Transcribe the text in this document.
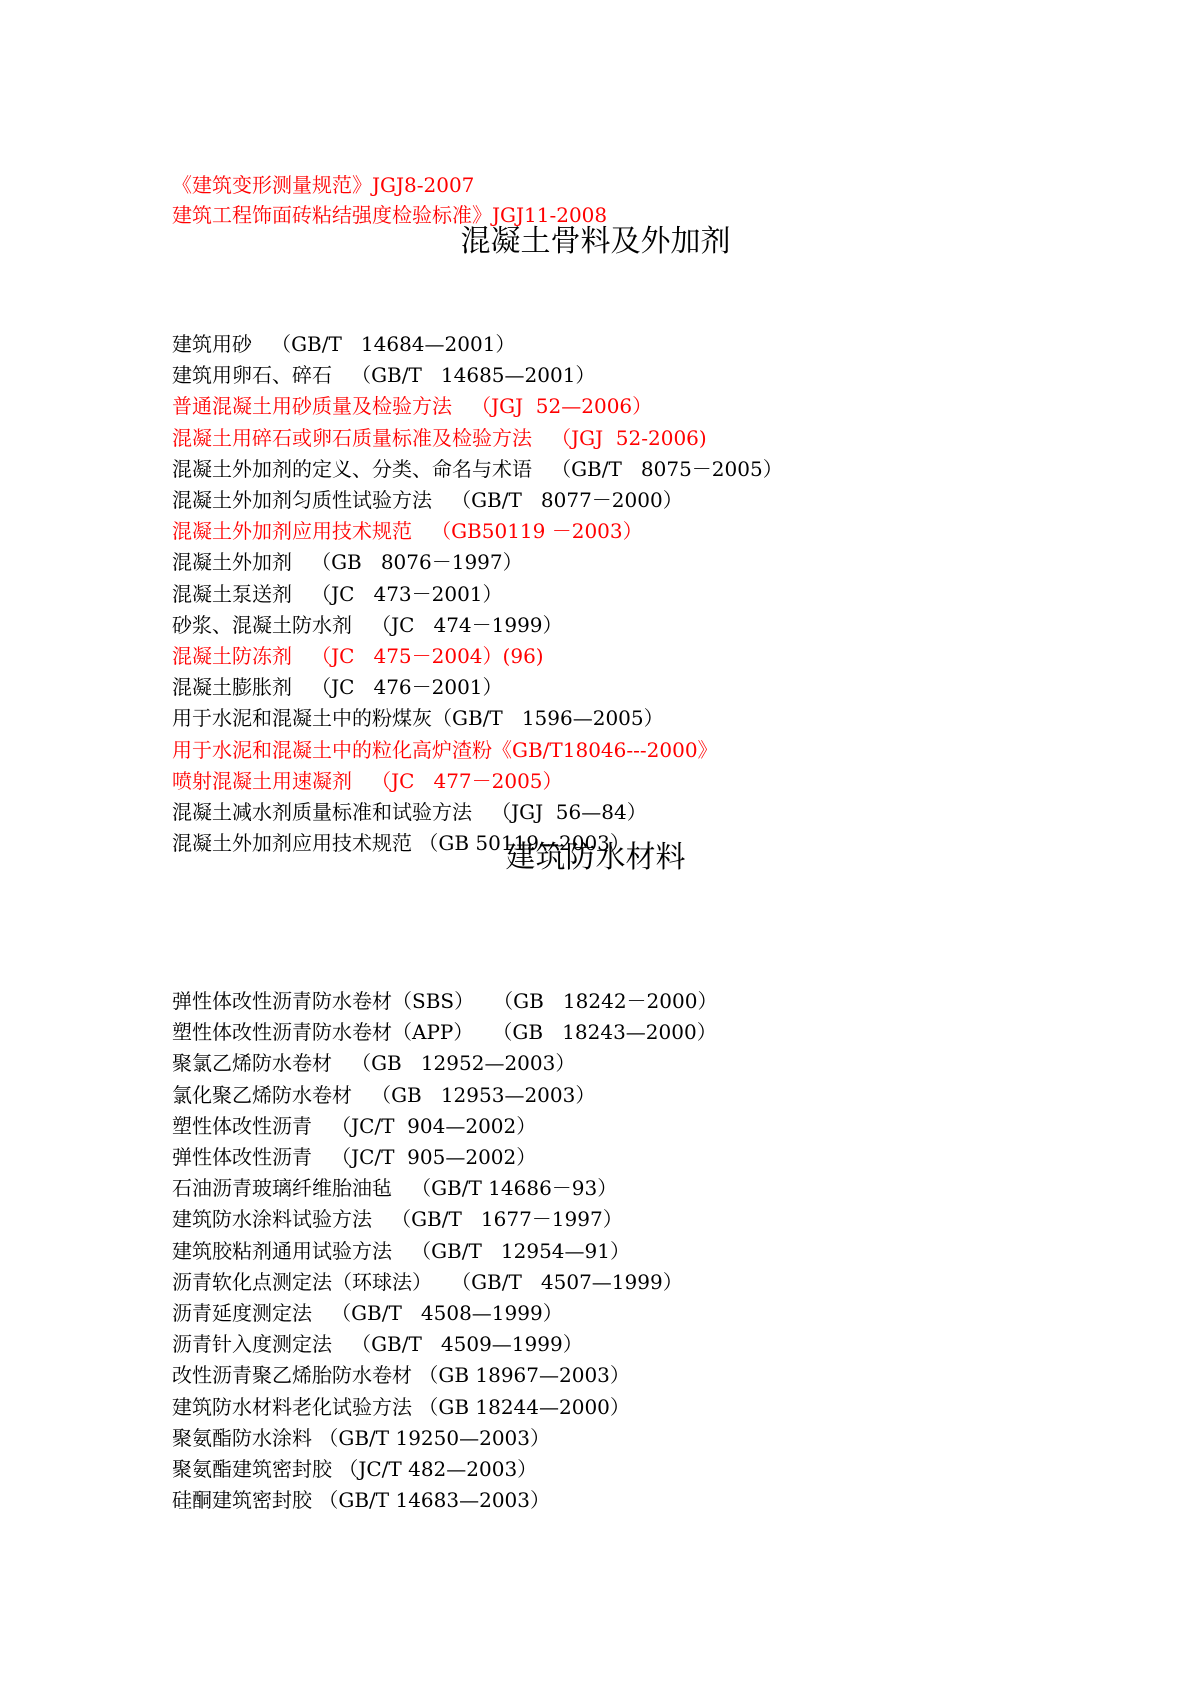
《建筑变形测量规范》JGJ8-2007
建筑工程饰面砖粘结强度检验标准》JGJ11-2008
混凝土骨料及外加剂
建筑用砂   （GB/T   14684—2001）
建筑用卵石、碎石   （GB/T   14685—2001）
普通混凝土用砂质量及检验方法   （JGJ  52—2006）
混凝土用碎石或卵石质量标准及检验方法   （JGJ  52-2006)
混凝土外加剂的定义、分类、命名与术语   （GB/T   8075－2005）
混凝土外加剂匀质性试验方法   （GB/T   8077－2000）
混凝土外加剂应用技术规范   （GB50119 －2003）
混凝土外加剂   （GB   8076－1997）
混凝土泵送剂   （JC   473－2001）
砂浆、混凝土防水剂   （JC   474－1999）
混凝土防冻剂   （JC   475－2004）(96)
混凝土膨胀剂   （JC   476－2001）
用于水泥和混凝土中的粉煤灰（GB/T   1596—2005）
用于水泥和混凝土中的粒化高炉渣粉《GB/T18046---2000》
喷射混凝土用速凝剂   （JC   477－2005）
混凝土减水剂质量标准和试验方法   （JGJ  56—84）
混凝土外加剂应用技术规范 （GB 50119—2003）
建筑防水材料
弹性体改性沥青防水卷材（SBS）   （GB   18242－2000）
塑性体改性沥青防水卷材（APP）   （GB   18243—2000）
聚氯乙烯防水卷材   （GB   12952—2003）
氯化聚乙烯防水卷材   （GB   12953—2003）
塑性体改性沥青   （JC/T  904—2002）
弹性体改性沥青   （JC/T  905—2002）
石油沥青玻璃纤维胎油毡   （GB/T 14686－93）
建筑防水涂料试验方法   （GB/T   1677－1997）
建筑胶粘剂通用试验方法   （GB/T   12954—91）
沥青软化点测定法（环球法）   （GB/T   4507—1999）
沥青延度测定法   （GB/T   4508—1999）
沥青针入度测定法   （GB/T   4509—1999）
改性沥青聚乙烯胎防水卷材 （GB 18967—2003）
建筑防水材料老化试验方法 （GB 18244—2000）
聚氨酯防水涂料 （GB/T 19250—2003）
聚氨酯建筑密封胶 （JC/T 482—2003）
硅酮建筑密封胶 （GB/T 14683—2003）
